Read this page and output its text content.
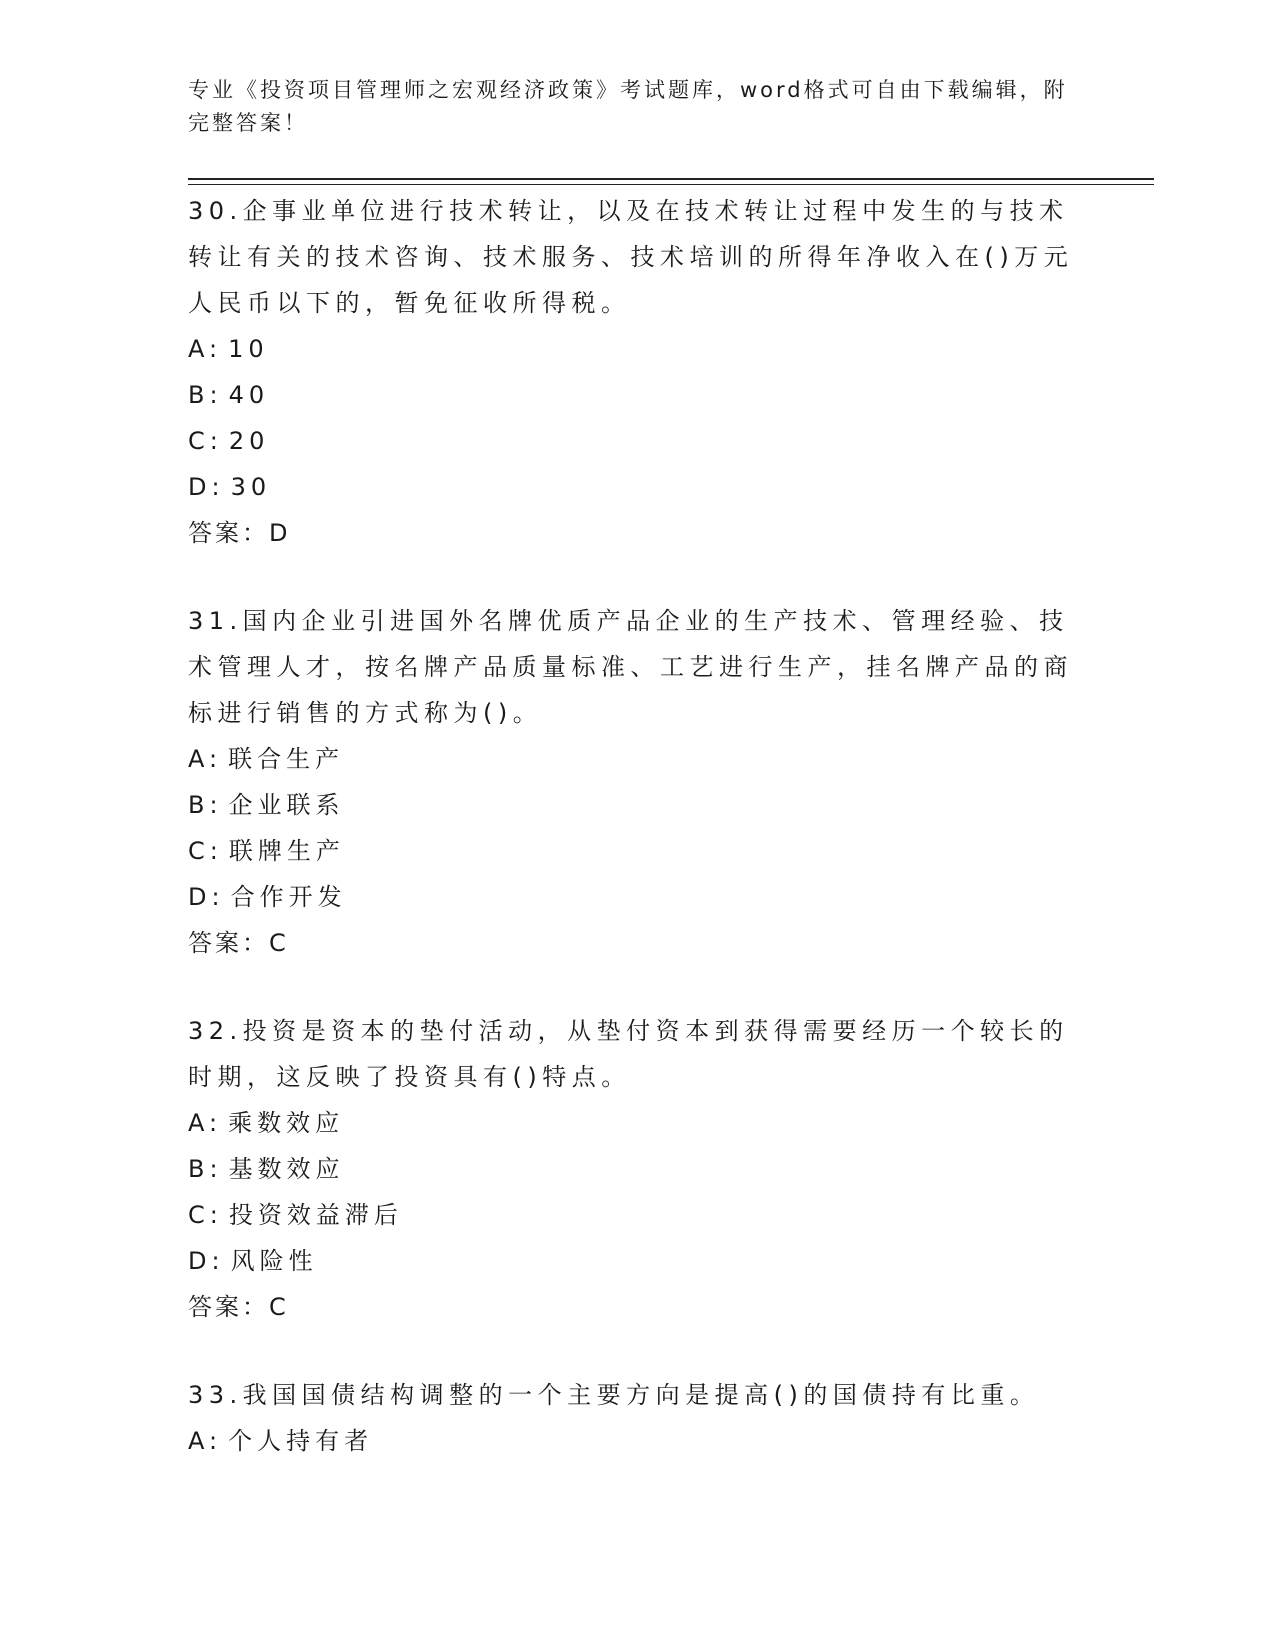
专业《投资项目管理师之宏观经济政策》考试题库，word格式可自由下载编辑，附完整答案！
30.企事业单位进行技术转让，以及在技术转让过程中发生的与技术转让有关的技术咨询、技术服务、技术培训的所得年净收入在()万元人民币以下的，暂免征收所得税。
A: 10
B: 40
C: 20
D: 30
答案：D
31.国内企业引进国外名牌优质产品企业的生产技术、管理经验、技术管理人才，按名牌产品质量标准、工艺进行生产，挂名牌产品的商标进行销售的方式称为()。
A: 联合生产
B: 企业联系
C: 联牌生产
D: 合作开发
答案：C
32.投资是资本的垫付活动，从垫付资本到获得需要经历一个较长的时期，这反映了投资具有()特点。
A: 乘数效应
B: 基数效应
C: 投资效益滞后
D: 风险性
答案：C
33.我国国债结构调整的一个主要方向是提高()的国债持有比重。
A: 个人持有者
